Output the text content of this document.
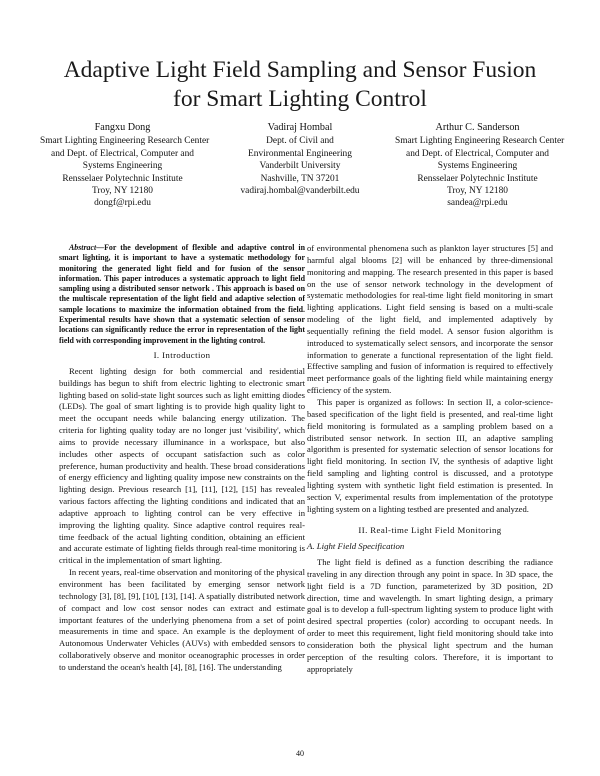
Adaptive Light Field Sampling and Sensor Fusion
for Smart Lighting Control
Fangxu Dong
Smart Lighting Engineering Research Center
and Dept. of Electrical, Computer and
Systems Engineering
Rensselaer Polytechnic Institute
Troy, NY 12180
dongf@rpi.edu
Vadiraj Hombal
Dept. of Civil and
Environmental Engineering
Vanderbilt University
Nashville, TN 37201
vadiraj.hombal@vanderbilt.edu
Arthur C. Sanderson
Smart Lighting Engineering Research Center
and Dept. of Electrical, Computer and
Systems Engineering
Rensselaer Polytechnic Institute
Troy, NY 12180
sandea@rpi.edu

Abstract—For the development of flexible and adaptive control in smart lighting, it is important to have a systematic methodology for monitoring the generated light field and for fusion of the sensor information. This paper introduces a systematic approach to light field sampling using a distributed sensor network . This approach is based on the multiscale representation of the light field and adaptive selection of sample locations to maximize the information obtained from the field. Experimental results have shown that a systematic selection of sensor locations can significantly reduce the error in representation of the light field with corresponding improvement in the lighting control.

I. Introduction

Recent lighting design for both commercial and residential buildings has begun to shift from electric lighting to electronic smart lighting based on solid-state light sources such as light emitting diodes (LEDs). The goal of smart lighting is to provide high quality light to meet the occupant needs while balancing energy utilization. The criteria for lighting quality today are no longer just 'visibility', which aims to provide necessary illuminance in a workspace, but also includes other aspects of occupant satisfaction such as color preference, human productivity and health. These broad considerations of energy efficiency and lighting quality impose new constraints on the lighting design. Previous research [1], [11], [12], [15] has revealed various factors affecting the lighting conditions and indicated that an adaptive approach to lighting control can be very effective in improving the lighting quality. Since adaptive control requires real-time feedback of the actual lighting condition, obtaining an efficient and accurate estimate of lighting fields through real-time monitoring is critical in the implementation of smart lighting.

In recent years, real-time observation and monitoring of the physical environment has been facilitated by emerging sensor network technology [3], [8], [9], [10], [13], [14]. A spatially distributed network of compact and low cost sensor nodes can extract and estimate important features of the underlying phenomena from a set of point measurements in time and space. An example is the deployment of Autonomous Underwater Vehicles (AUVs) with embedded sensors to collaboratively observe and monitor oceanographic processes in order to understand the ocean's health [4], [8], [16]. The understanding

of environmental phenomena such as plankton layer structures [5] and harmful algal blooms [2] will be enhanced by three-dimensional monitoring and mapping. The research presented in this paper is based on the use of sensor network technology in the development of systematic methodologies for real-time light field monitoring in smart lighting applications. Light field sensing is based on a multi-scale modeling of the light field, and implemented adaptively by sequentially refining the field model. A sensor fusion algorithm is introduced to systematically select sensors, and incorporate the sensor information to generate a functional representation of the light field. Effective sampling and fusion of information is required to effectively meet performance goals of the lighting field while maintaining energy efficiency of the system.

This paper is organized as follows: In section II, a color-science-based specification of the light field is presented, and real-time light field monitoring is formulated as a sampling problem based on a distributed sensor network. In section III, an adaptive sampling algorithm is presented for systematic selection of sensor locations for light field monitoring. In section IV, the synthesis of adaptive light field sampling and lighting control is discussed, and a prototype lighting system with synthetic light field estimation is presented. In section V, experimental results from implementation of the prototype lighting system on a lighting testbed are presented and analyzed.

II. Real-time Light Field Monitoring
A. Light Field Specification

The light field is defined as a function describing the radiance traveling in any direction through any point in space. In 3D space, the light field is a 7D function, parameterized by 3D position, 2D direction, time and wavelength. In smart lighting design, a primary goal is to develop a full-spectrum lighting system to produce light with desired spectral properties (color) according to occupant needs. In order to meet this requirement, light field monitoring should take into consideration both the physical light spectrum and the human perception of the resulting colors. Therefore, it is important to appropriately

40
